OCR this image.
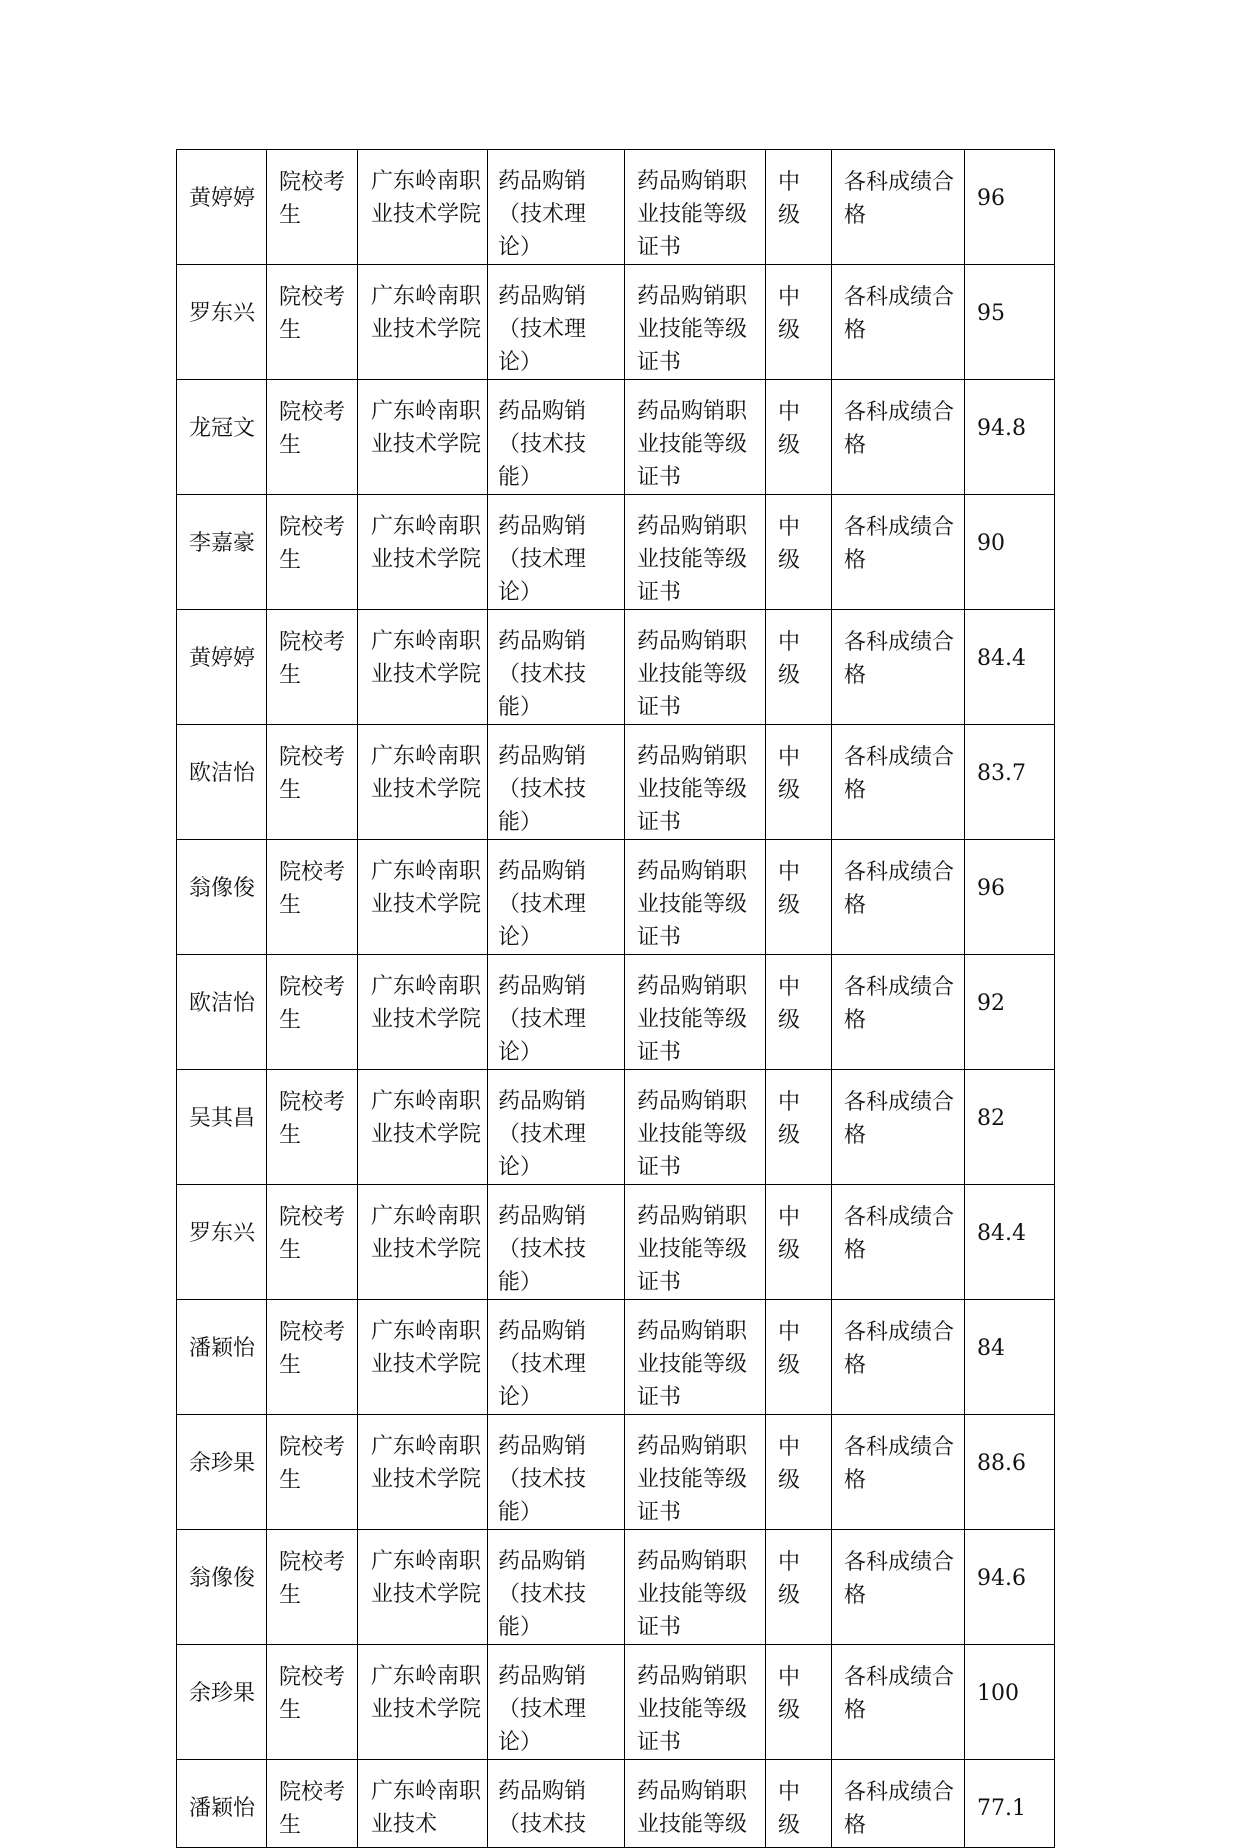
黄婷婷	院校考生	广东岭南职业技术学院	药品购销（技术理论）	药品购销职业技能等级证书	中级	各科成绩合格	96

罗东兴	院校考生	广东岭南职业技术学院	药品购销（技术理论）	药品购销职业技能等级证书	中级	各科成绩合格	95

龙冠文	院校考生	广东岭南职业技术学院	药品购销（技术技能）	药品购销职业技能等级证书	中级	各科成绩合格	94.8

李嘉豪	院校考生	广东岭南职业技术学院	药品购销（技术理论）	药品购销职业技能等级证书	中级	各科成绩合格	90

黄婷婷	院校考生	广东岭南职业技术学院	药品购销（技术技能）	药品购销职业技能等级证书	中级	各科成绩合格	84.4

欧洁怡	院校考生	广东岭南职业技术学院	药品购销（技术技能）	药品购销职业技能等级证书	中级	各科成绩合格	83.7

翁像俊	院校考生	广东岭南职业技术学院	药品购销（技术理论）	药品购销职业技能等级证书	中级	各科成绩合格	96

欧洁怡	院校考生	广东岭南职业技术学院	药品购销（技术理论）	药品购销职业技能等级证书	中级	各科成绩合格	92

吴其昌	院校考生	广东岭南职业技术学院	药品购销（技术理论）	药品购销职业技能等级证书	中级	各科成绩合格	82

罗东兴	院校考生	广东岭南职业技术学院	药品购销（技术技能）	药品购销职业技能等级证书	中级	各科成绩合格	84.4

潘颖怡	院校考生	广东岭南职业技术学院	药品购销（技术理论）	药品购销职业技能等级证书	中级	各科成绩合格	84

余珍果	院校考生	广东岭南职业技术学院	药品购销（技术技能）	药品购销职业技能等级证书	中级	各科成绩合格	88.6

翁像俊	院校考生	广东岭南职业技术学院	药品购销（技术技能）	药品购销职业技能等级证书	中级	各科成绩合格	94.6

余珍果	院校考生	广东岭南职业技术学院	药品购销（技术理论）	药品购销职业技能等级证书	中级	各科成绩合格	100

潘颖怡	院校考生	广东岭南职业技术	药品购销（技术技	药品购销职业技能等级	中级	各科成绩合格	77.1
